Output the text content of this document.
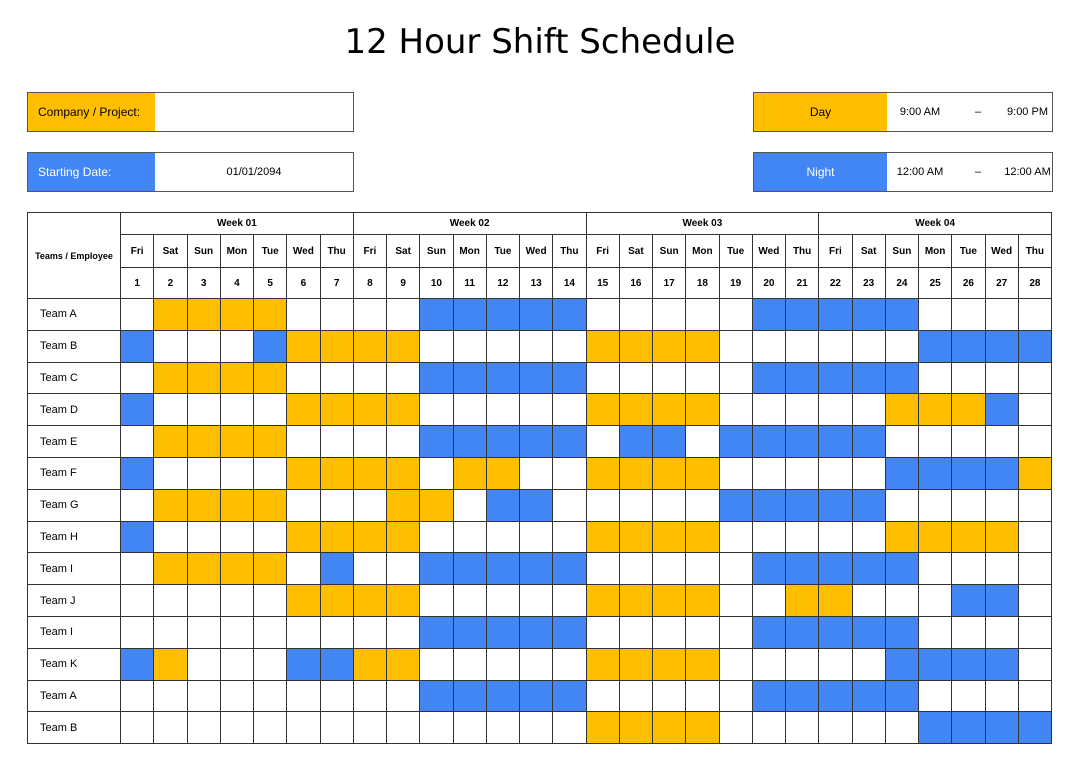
12 Hour Shift Schedule
Company / Project:
Starting Date:	01/01/2094
Day	9:00 AM	–	9:00 PM
Night	12:00 AM	–	12:00 AM
Teams / Employee	Week 01							Week 02							Week 03							Week 04						
	Fri	Sat	Sun	Mon	Tue	Wed	Thu	Fri	Sat	Sun	Mon	Tue	Wed	Thu	Fri	Sat	Sun	Mon	Tue	Wed	Thu	Fri	Sat	Sun	Mon	Tue	Wed	Thu
	1	2	3	4	5	6	7	8	9	10	11	12	13	14	15	16	17	18	19	20	21	22	23	24	25	26	27	28
Team A																												
Team B																												
Team C																												
Team D																												
Team E																												
Team F																												
Team G																												
Team H																												
Team I																												
Team J																												
Team I																												
Team K																												
Team A																												
Team B																												
